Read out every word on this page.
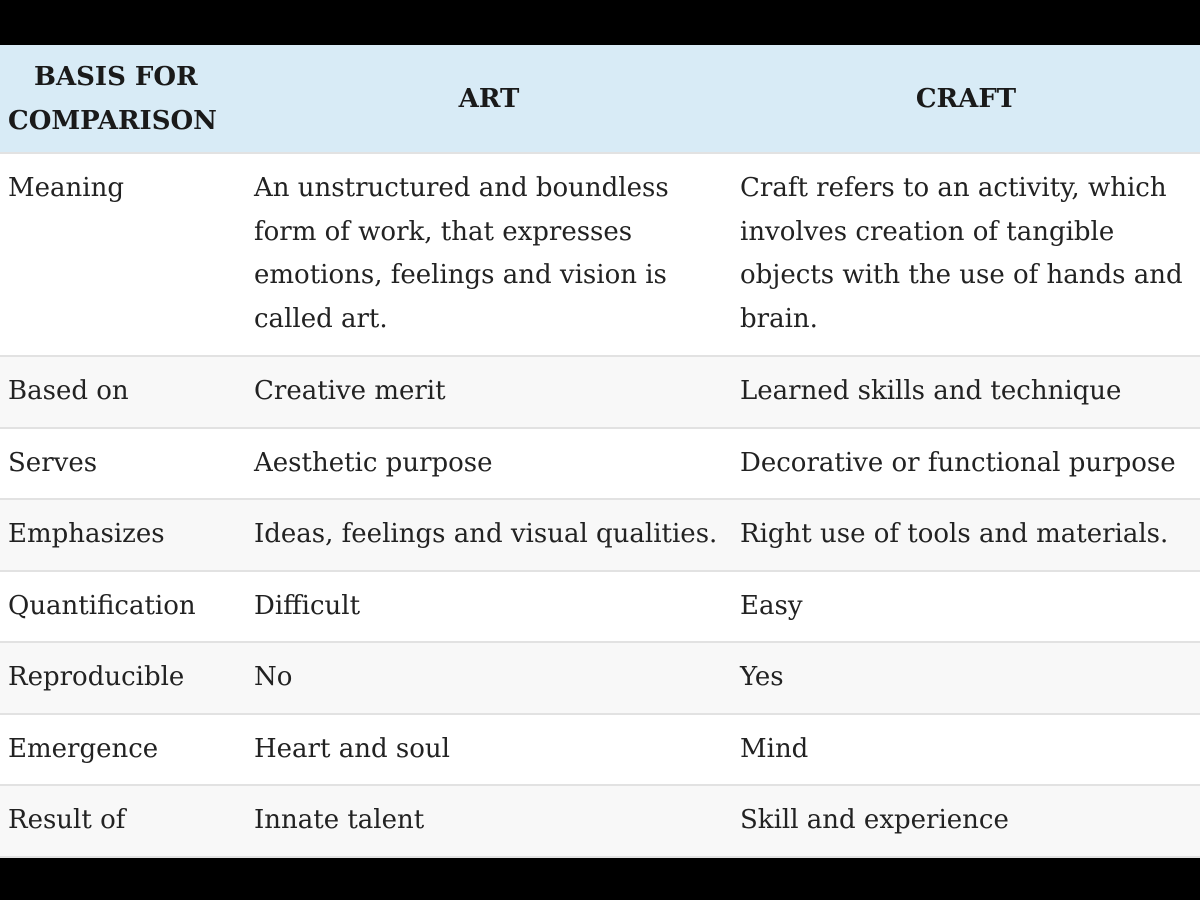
BASIS FOR
COMPARISON	ART	CRAFT
Meaning	An unstructured and boundless form of work, that expresses emotions, feelings and vision is called art.	Craft refers to an activity, which involves creation of tangible objects with the use of hands and brain.
Based on	Creative merit	Learned skills and technique
Serves	Aesthetic purpose	Decorative or functional purpose
Emphasizes	Ideas, feelings and visual qualities.	Right use of tools and materials.
Quantification	Difficult	Easy
Reproducible	No	Yes
Emergence	Heart and soul	Mind
Result of	Innate talent	Skill and experience
